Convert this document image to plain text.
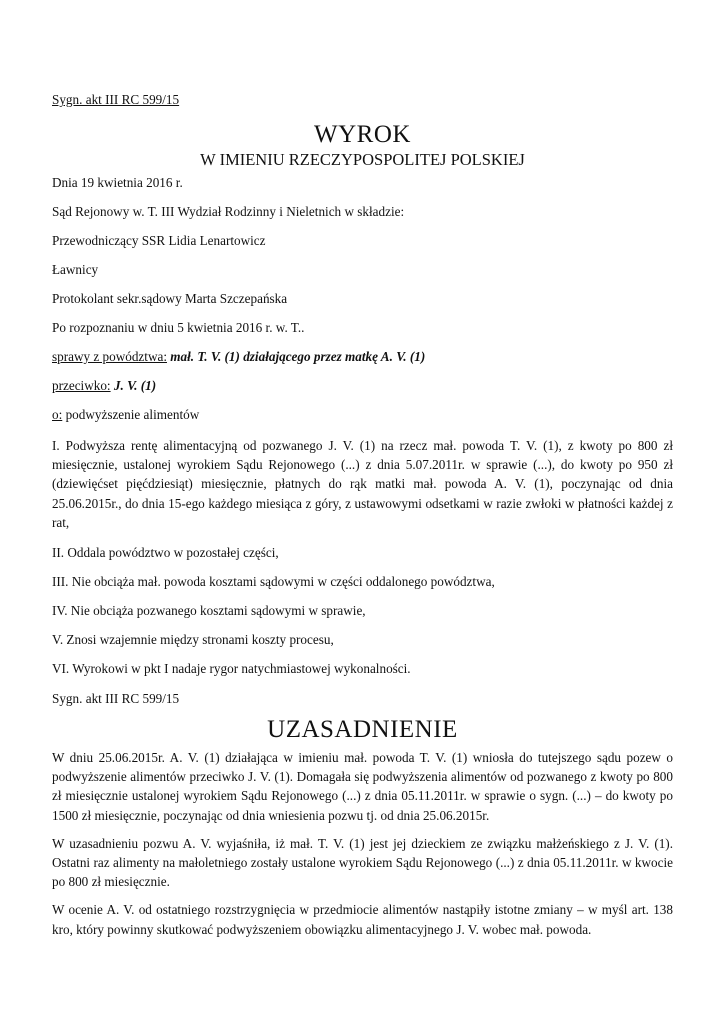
Sygn. akt III RC 599/15

WYROK
W IMIENIU RZECZYPOSPOLITEJ POLSKIEJ

Dnia 19 kwietnia 2016 r.

Sąd Rejonowy w. T. III Wydział Rodzinny i Nieletnich w składzie:

Przewodniczący SSR Lidia Lenartowicz

Ławnicy

Protokolant sekr.sądowy Marta Szczepańska

Po rozpoznaniu w dniu 5 kwietnia 2016 r. w. T..

sprawy z powództwa: mał. T. V. (1) działającego przez matkę A. V. (1)

przeciwko: J. V. (1)

o: podwyższenie alimentów

I. Podwyższa rentę alimentacyjną od pozwanego J. V. (1) na rzecz mał. powoda T. V. (1), z kwoty po 800 zł miesięcznie, ustalonej wyrokiem Sądu Rejonowego (...) z dnia 5.07.2011r. w sprawie (...), do kwoty po 950 zł (dziewięćset pięćdziesiąt) miesięcznie, płatnych do rąk matki mał. powoda A. V. (1), poczynając od dnia 25.06.2015r., do dnia 15-ego każdego miesiąca z góry, z ustawowymi odsetkami w razie zwłoki w płatności każdej z rat,

II. Oddala powództwo w pozostałej części,

III. Nie obciąża mał. powoda kosztami sądowymi w części oddalonego powództwa,

IV. Nie obciąża pozwanego kosztami sądowymi w sprawie,

V. Znosi wzajemnie między stronami koszty procesu,

VI. Wyrokowi w pkt I nadaje rygor natychmiastowej wykonalności.

Sygn. akt III RC 599/15

UZASADNIENIE

W dniu 25.06.2015r. A. V. (1) działająca w imieniu mał. powoda T. V. (1) wniosła do tutejszego sądu pozew o podwyższenie alimentów przeciwko J. V. (1). Domagała się podwyższenia alimentów od pozwanego z kwoty po 800 zł miesięcznie ustalonej wyrokiem Sądu Rejonowego (...) z dnia 05.11.2011r. w sprawie o sygn. (...) – do kwoty po 1500 zł miesięcznie, poczynając od dnia wniesienia pozwu tj. od dnia 25.06.2015r.

W uzasadnieniu pozwu A. V. wyjaśniła, iż mał. T. V. (1) jest jej dzieckiem ze związku małżeńskiego z J. V. (1). Ostatni raz alimenty na małoletniego zostały ustalone wyrokiem Sądu Rejonowego (...) z dnia 05.11.2011r. w kwocie po 800 zł miesięcznie.

W ocenie A. V. od ostatniego rozstrzygnięcia w przedmiocie alimentów nastąpiły istotne zmiany – w myśl art. 138 kro, który powinny skutkować podwyższeniem obowiązku alimentacyjnego J. V. wobec mał. powoda.
